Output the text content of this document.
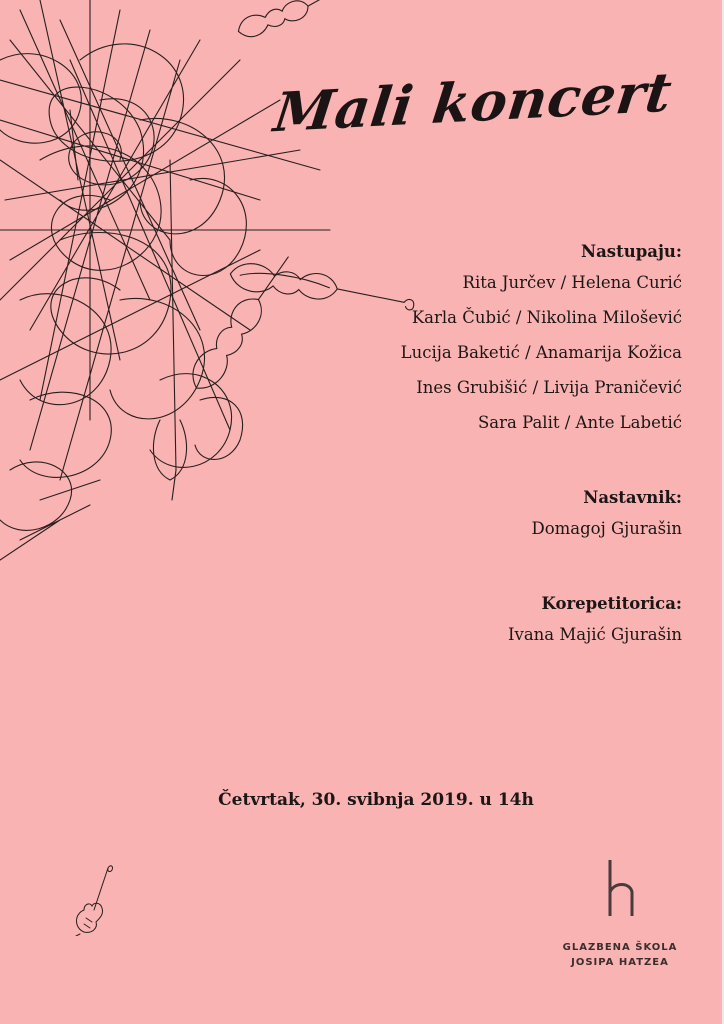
Mali koncert
Nastupaju:
Rita Jurčev / Helena Curić
Karla Čubić / Nikolina Milošević
Lucija Baketić / Anamarija Kožica
Ines Grubišić / Livija Praničević
Sara Palit / Ante Labetić
Nastavnik:
Domagoj Gjurašin
Korepetitorica:
Ivana Majić Gjurašin
Četvrtak, 30. svibnja 2019. u 14h
GLAZBENA ŠKOLA
JOSIPA HATZEA
